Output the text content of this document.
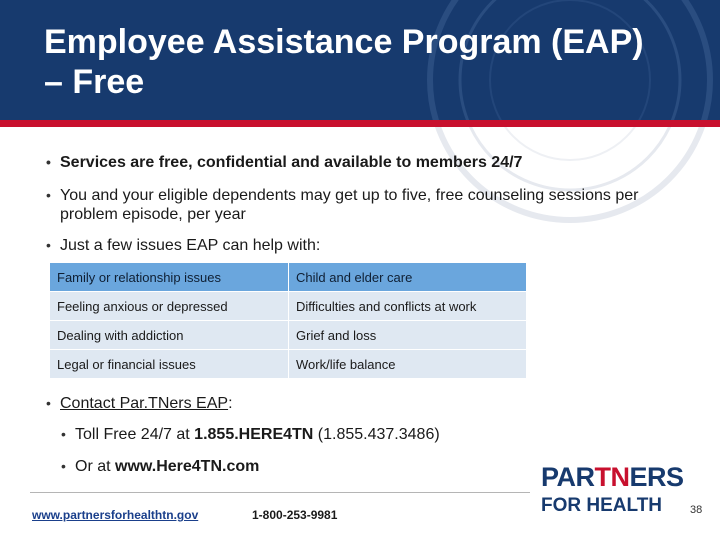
Employee Assistance Program (EAP) – Free
• Services are free, confidential and available to members 24/7
• You and your eligible dependents may get up to five, free counseling sessions per problem episode, per year
• Just a few issues EAP can help with:
Family or relationship issues	Child and elder care
Feeling anxious or depressed	Difficulties and conflicts at work
Dealing with addiction	Grief and loss
Legal or financial issues	Work/life balance
• Contact Par.TNers EAP:
• Toll Free 24/7 at 1.855.HERE4TN (1.855.437.3486)
• Or at www.Here4TN.com	PARTNERS
FOR HEALTH
www.partnersforhealthtn.gov	1-800-253-9981	38
